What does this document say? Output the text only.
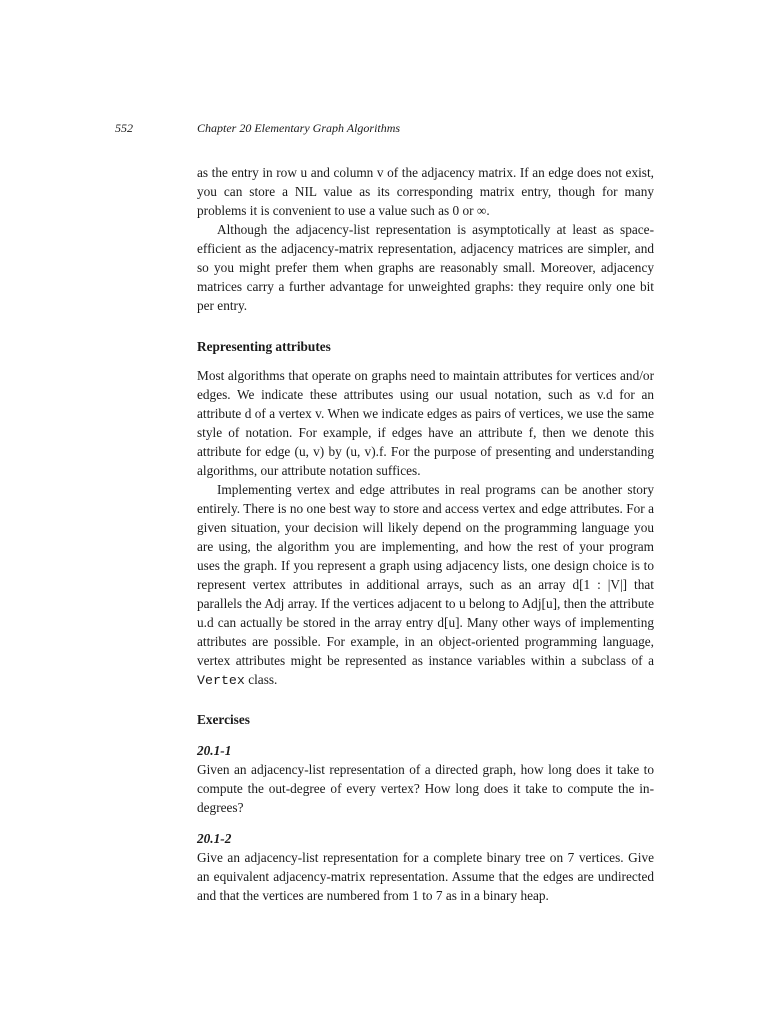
552	Chapter 20 Elementary Graph Algorithms

as the entry in row u and column v of the adjacency matrix. If an edge does not exist, you can store a NIL value as its corresponding matrix entry, though for many problems it is convenient to use a value such as 0 or ∞.

Although the adjacency-list representation is asymptotically at least as space-efficient as the adjacency-matrix representation, adjacency matrices are simpler, and so you might prefer them when graphs are reasonably small. Moreover, adjacency matrices carry a further advantage for unweighted graphs: they require only one bit per entry.

Representing attributes

Most algorithms that operate on graphs need to maintain attributes for vertices and/or edges. We indicate these attributes using our usual notation, such as v.d for an attribute d of a vertex v. When we indicate edges as pairs of vertices, we use the same style of notation. For example, if edges have an attribute f, then we denote this attribute for edge (u, v) by (u, v).f. For the purpose of presenting and understanding algorithms, our attribute notation suffices.

Implementing vertex and edge attributes in real programs can be another story entirely. There is no one best way to store and access vertex and edge attributes. For a given situation, your decision will likely depend on the programming language you are using, the algorithm you are implementing, and how the rest of your program uses the graph. If you represent a graph using adjacency lists, one design choice is to represent vertex attributes in additional arrays, such as an array d[1 : |V|] that parallels the Adj array. If the vertices adjacent to u belong to Adj[u], then the attribute u.d can actually be stored in the array entry d[u]. Many other ways of implementing attributes are possible. For example, in an object-oriented programming language, vertex attributes might be represented as instance variables within a subclass of a Vertex class.

Exercises
20.1-1

Given an adjacency-list representation of a directed graph, how long does it take to compute the out-degree of every vertex? How long does it take to compute the in-degrees?

20.1-2

Give an adjacency-list representation for a complete binary tree on 7 vertices. Give an equivalent adjacency-matrix representation. Assume that the edges are undirected and that the vertices are numbered from 1 to 7 as in a binary heap.
